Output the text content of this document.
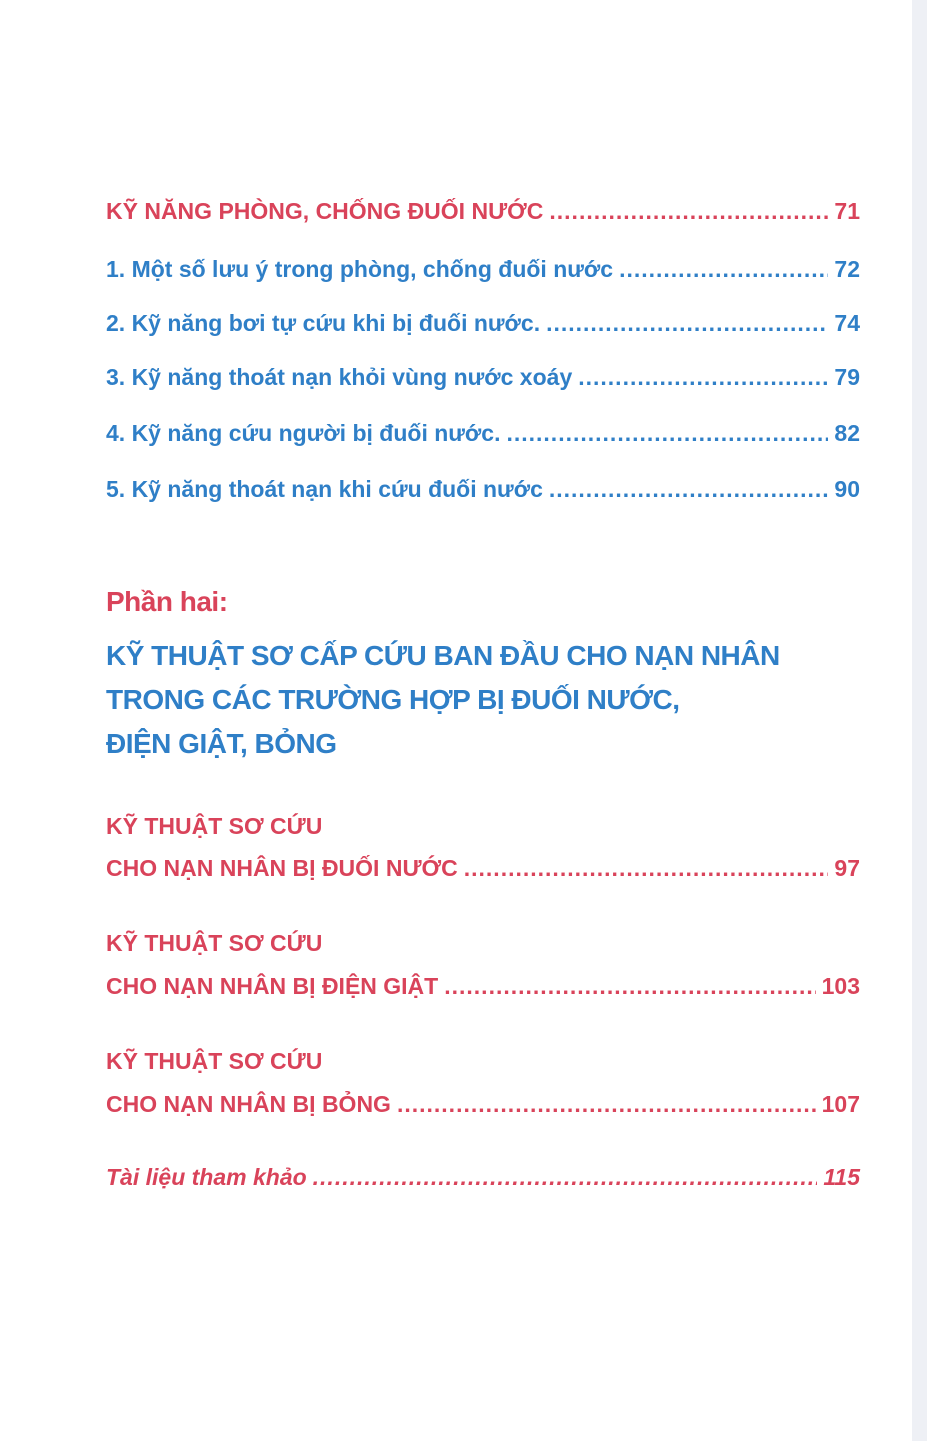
KỸ NĂNG PHÒNG, CHỐNG ĐUỐI NƯỚC .....	71
1. Một số lưu ý trong phòng, chống đuối nước .....	72
2. Kỹ năng bơi tự cứu khi bị đuối nước. .....	74
3. Kỹ năng thoát nạn khỏi vùng nước xoáy .....	79
4. Kỹ năng cứu người bị đuối nước. .....	82
5. Kỹ năng thoát nạn khi cứu đuối nước .....	90
Phần hai:
KỸ THUẬT SƠ CẤP CỨU BAN ĐẦU CHO NẠN NHÂN
TRONG CÁC TRƯỜNG HỢP BỊ ĐUỐI NƯỚC,
ĐIỆN GIẬT, BỎNG
KỸ THUẬT SƠ CỨU
CHO NẠN NHÂN BỊ ĐUỐI NƯỚC .....	97
KỸ THUẬT SƠ CỨU
CHO NẠN NHÂN BỊ ĐIỆN GIẬT .....	103
KỸ THUẬT SƠ CỨU
CHO NẠN NHÂN BỊ BỎNG .....	107
Tài liệu tham khảo .....	115
